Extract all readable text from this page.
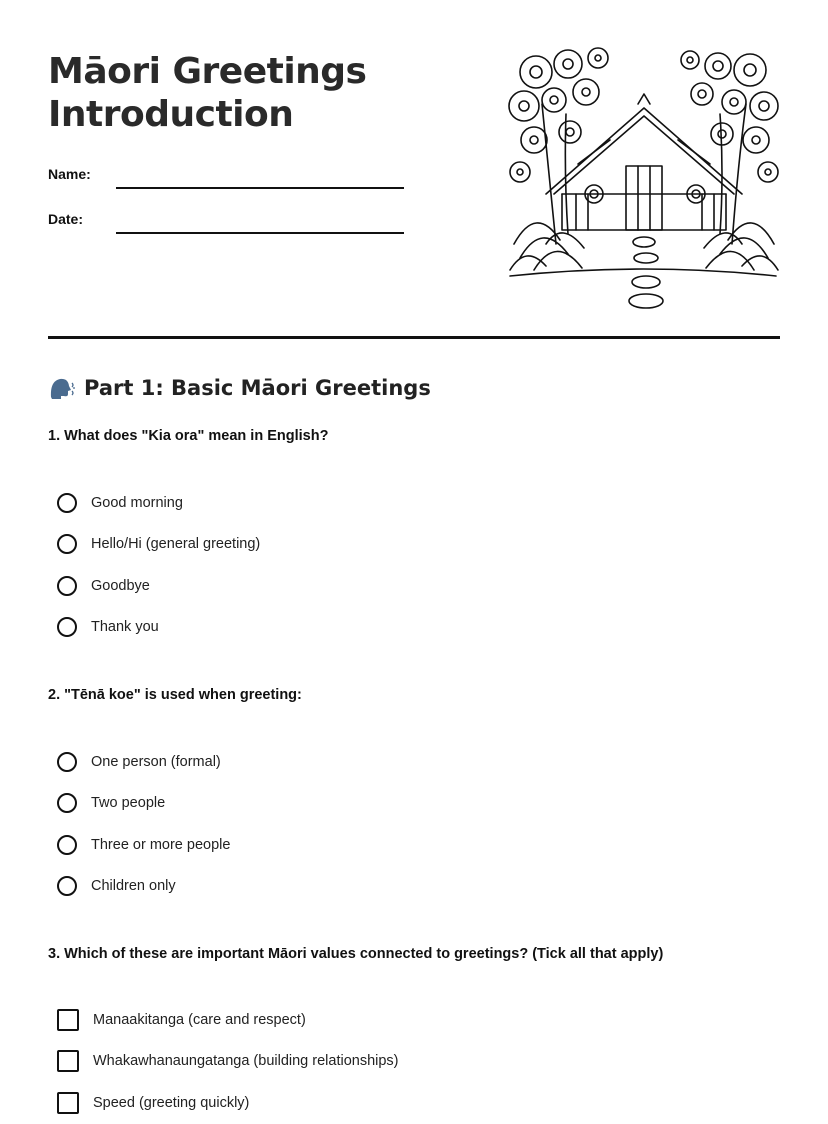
Māori Greetings
Introduction
Name:
Date:
Part 1: Basic Māori Greetings

1. What does "Kia ora" mean in English?

Good morning
Hello/Hi (general greeting)
Goodbye
Thank you

2. "Tēnā koe" is used when greeting:

One person (formal)
Two people
Three or more people
Children only

3. Which of these are important Māori values connected to greetings? (Tick all that apply)

Manaakitanga (care and respect)
Whakawhanaungatanga (building relationships)
Speed (greeting quickly)
